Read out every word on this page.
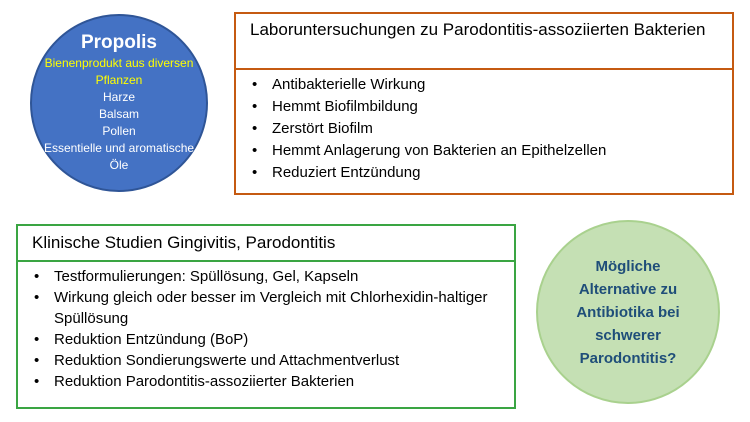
Propolis
Bienenprodukt aus diversen Pflanzen
Harze
Balsam
Pollen
Essentielle und aromatische Öle
Laboruntersuchungen zu Parodontitis-assoziierten Bakterien
• Antibakterielle Wirkung
• Hemmt Biofilmbildung
• Zerstört Biofilm
• Hemmt Anlagerung von Bakterien an Epithelzellen
• Reduziert Entzündung
Klinische Studien Gingivitis, Parodontitis
• Testformulierungen: Spüllösung, Gel, Kapseln
• Wirkung gleich oder besser im Vergleich mit Chlorhexidin-haltiger Spüllösung
• Reduktion Entzündung (BoP)
• Reduktion Sondierungswerte und Attachmentverlust
• Reduktion Parodontitis-assoziierter Bakterien
Mögliche Alternative zu Antibiotika bei schwerer Parodontitis?
